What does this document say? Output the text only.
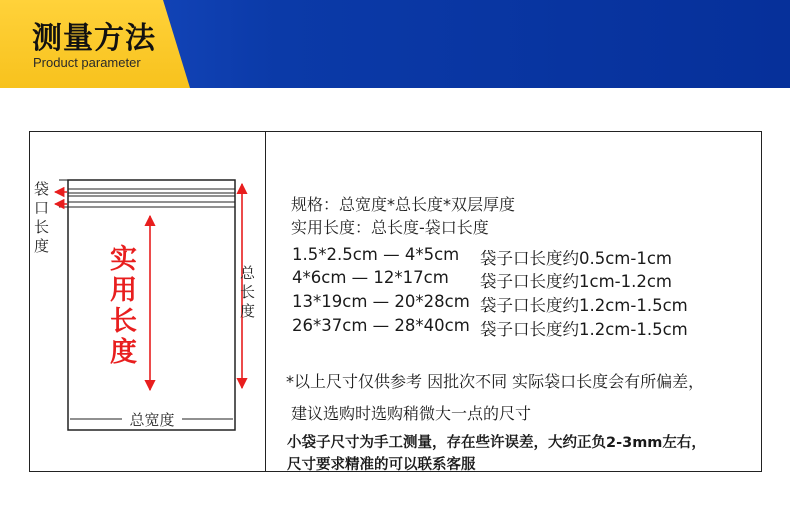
测量方法
Product parameter
袋
口
长
度 实
用
长
度
总
长
度
总宽度
规格：总宽度*总长度*双层厚度
实用长度：总长度-袋口长度
1.5*2.5cm — 4*5cm 袋子口长度约0.5cm-1cm
4*6cm — 12*17cm 袋子口长度约1cm-1.2cm
13*19cm — 20*28cm 袋子口长度约1.2cm-1.5cm
26*37cm — 28*40cm 袋子口长度约1.2cm-1.5cm
*以上尺寸仅供参考 因批次不同 实际袋口长度会有所偏差，
建议选购时选购稍微大一点的尺寸
小袋子尺寸为手工测量，存在些许误差，大约正负2-3mm左右，
尺寸要求精准的可以联系客服
